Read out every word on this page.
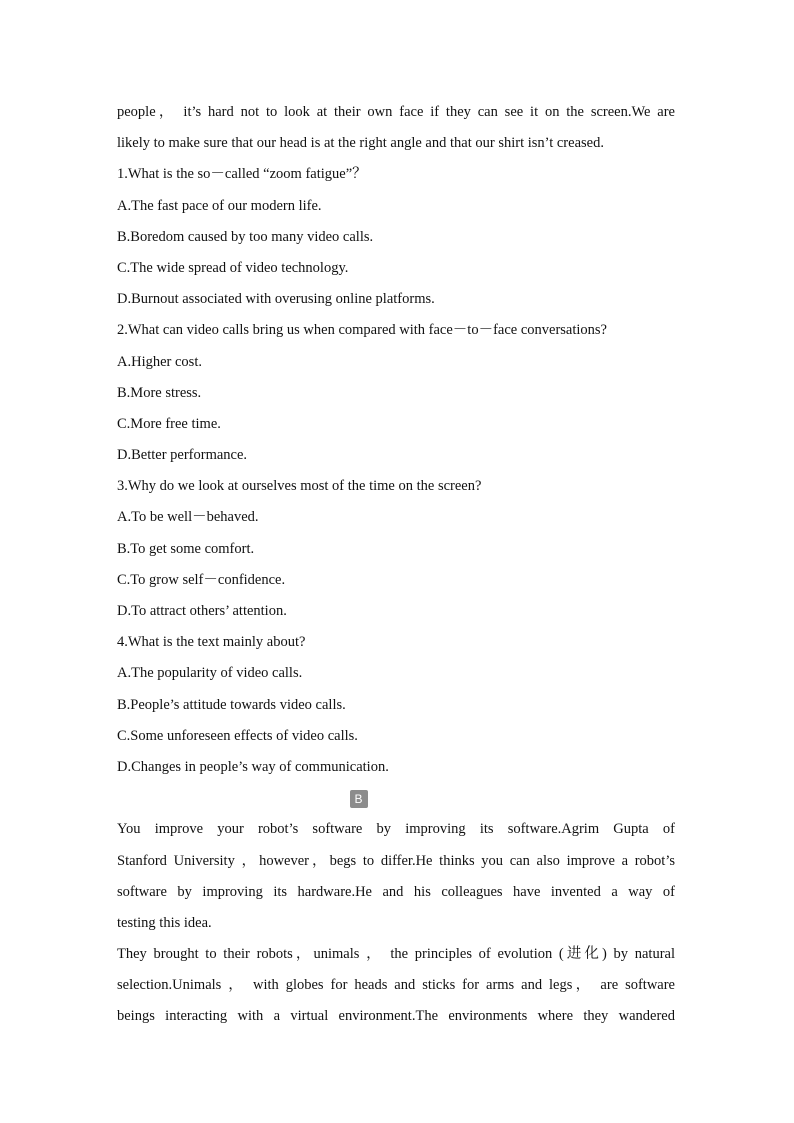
people， it’s hard not to look at their own face if they can see it on the screen.We are

likely to make sure that our head is at the right angle and that our shirt isn’t creased.

1.What is the so－called “zoom fatigue”？

A.The fast pace of our modern life.

B.Boredom caused by too many video calls.

C.The wide spread of video technology.

D.Burnout associated with overusing online platforms.

2.What can video calls bring us when compared with face－to－face conversations?

A.Higher cost.

B.More stress.

C.More free time.

D.Better performance.

3.Why do we look at ourselves most of the time on the screen?

A.To be well－behaved.

B.To get some comfort.

C.To grow self－confidence.

D.To attract others’ attention.

4.What is the text mainly about?

A.The popularity of video calls.

B.People’s attitude towards video calls.

C.Some unforeseen effects of video calls.

D.Changes in people’s way of communication.

B

You improve your robot’s software by improving its software.Agrim Gupta of

Stanford University ，however，begs to differ.He thinks you can also improve a robot’s

software by improving its hardware.He and his colleagues have invented a way of

testing this idea.

They brought to their robots，unimals ， the principles of evolution (进化) by natural

selection.Unimals ， with globes for heads and sticks for arms and legs， are software

beings interacting with a virtual environment.The environments where they wandered
